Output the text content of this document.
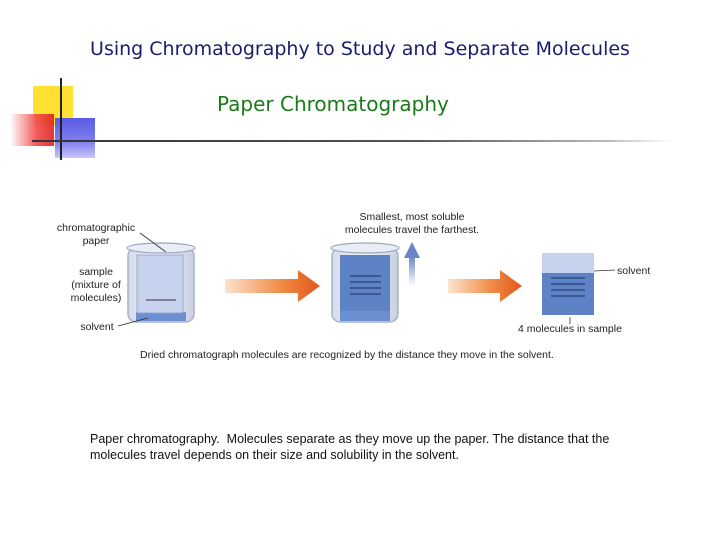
Using Chromatography to Study and Separate Molecules
Paper Chromatography
chromatographic
paper
sample
(mixture of
molecules)
solvent
Smallest, most soluble
molecules travel the farthest.
solvent
4 molecules in sample
Dried chromatograph molecules are recognized by the distance they move in the solvent.
Paper chromatography. Molecules separate as they move up the paper. The distance that the molecules travel depends on their size and solubility in the solvent.
